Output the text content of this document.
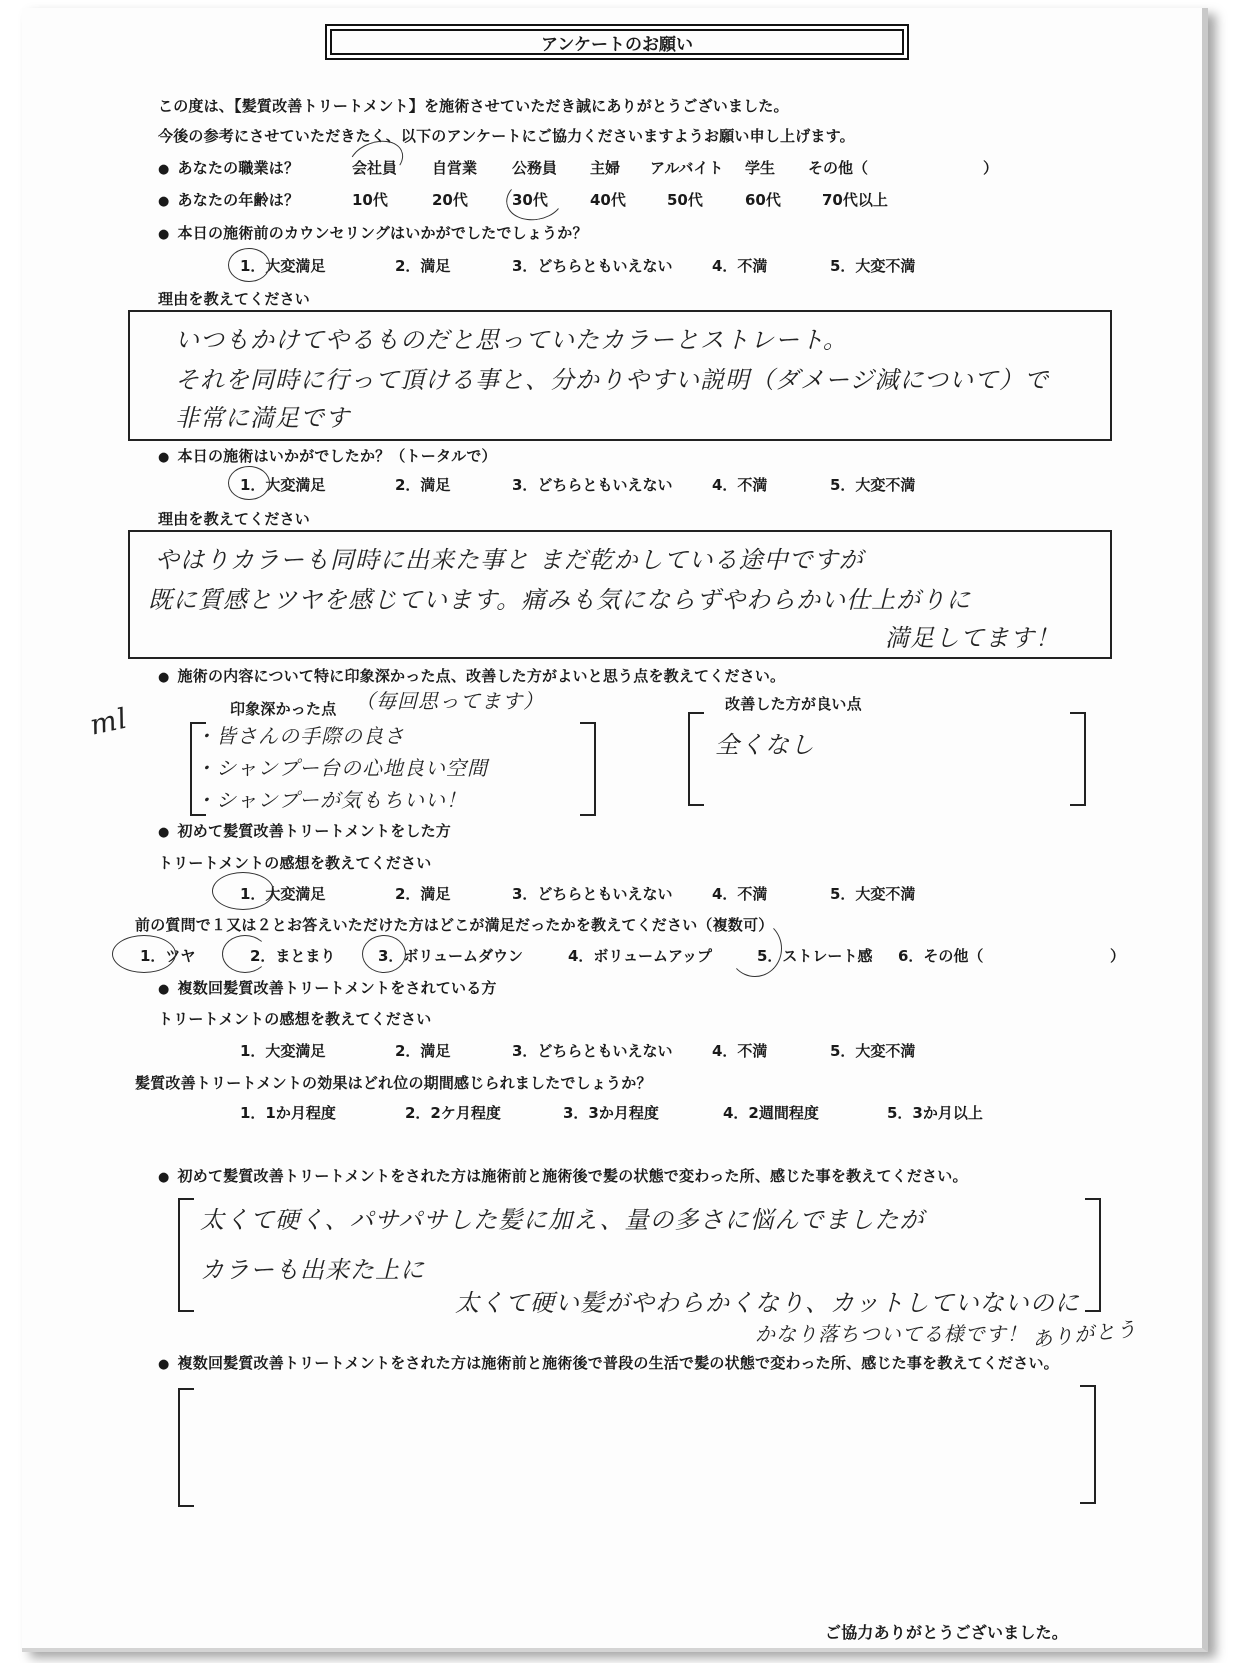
アンケートのお願い
この度は、【髪質改善トリートメント】を施術させていただき誠にありがとうございました。
今後の参考にさせていただきたく、以下のアンケートにご協力くださいますようお願い申し上げます。
● あなたの職業は？	会社員 自営業 公務員 主婦 アルバイト 学生 その他（	）
● あなたの年齢は？	10代	20代	30代	40代	50代	60代	70代以上
● 本日の施術前のカウンセリングはいかがでしたでしょうか？
1．大変満足	2．満足	3．どちらともいえない	4．不満	5．大変不満
理由を教えてください
いつもかけてやるものだと思っていたカラーとストレート。
それを同時に行って頂ける事と、分かりやすい説明（ダメージ減について）で
非常に満足です
● 本日の施術はいかがでしたか？（トータルで）
1．大変満足	2．満足	3．どちらともいえない	4．不満	5．大変不満
理由を教えてください
やはりカラーも同時に出来た事と まだ乾かしている途中ですが
既に質感とツヤを感じています。痛みも気にならずやわらかい仕上がりに
満足してます！
● 施術の内容について特に印象深かった点、改善した方がよいと思う点を教えてください。
印象深かった点 （毎回思ってます）	改善した方が良い点
ml	・皆さんの手際の良さ
・シャンプー台の心地良い空間
・シャンプーが気もちいい！
全くなし
● 初めて髪質改善トリートメントをした方
トリートメントの感想を教えてください
1．大変満足	2．満足	3．どちらともいえない	4．不満	5．大変不満
前の質問で１又は２とお答えいただけた方はどこが満足だったかを教えてください（複数可）
1．ツヤ	2．まとまり	3．ボリュームダウン	4．ボリュームアップ	5．ストレート感 6．その他（	）
● 複数回髪質改善トリートメントをされている方
トリートメントの感想を教えてください
1．大変満足	2．満足	3．どちらともいえない	4．不満	5．大変不満
髪質改善トリートメントの効果はどれ位の期間感じられましたでしょうか？
1．1か月程度	2．2ケ月程度	3．3か月程度	4．2週間程度	5．3か月以上
● 初めて髪質改善トリートメントをされた方は施術前と施術後で髪の状態で変わった所、感じた事を教えてください。
太くて硬く、パサパサした髪に加え、量の多さに悩んでましたが
カラーも出来た上に
太くて硬い髪がやわらかくなり、カットしていないのに
かなり落ちついてる様です！ ありがとう
● 複数回髪質改善トリートメントをされた方は施術前と施術後で普段の生活で髪の状態で変わった所、感じた事を教えてください。
ご協力ありがとうございました。
